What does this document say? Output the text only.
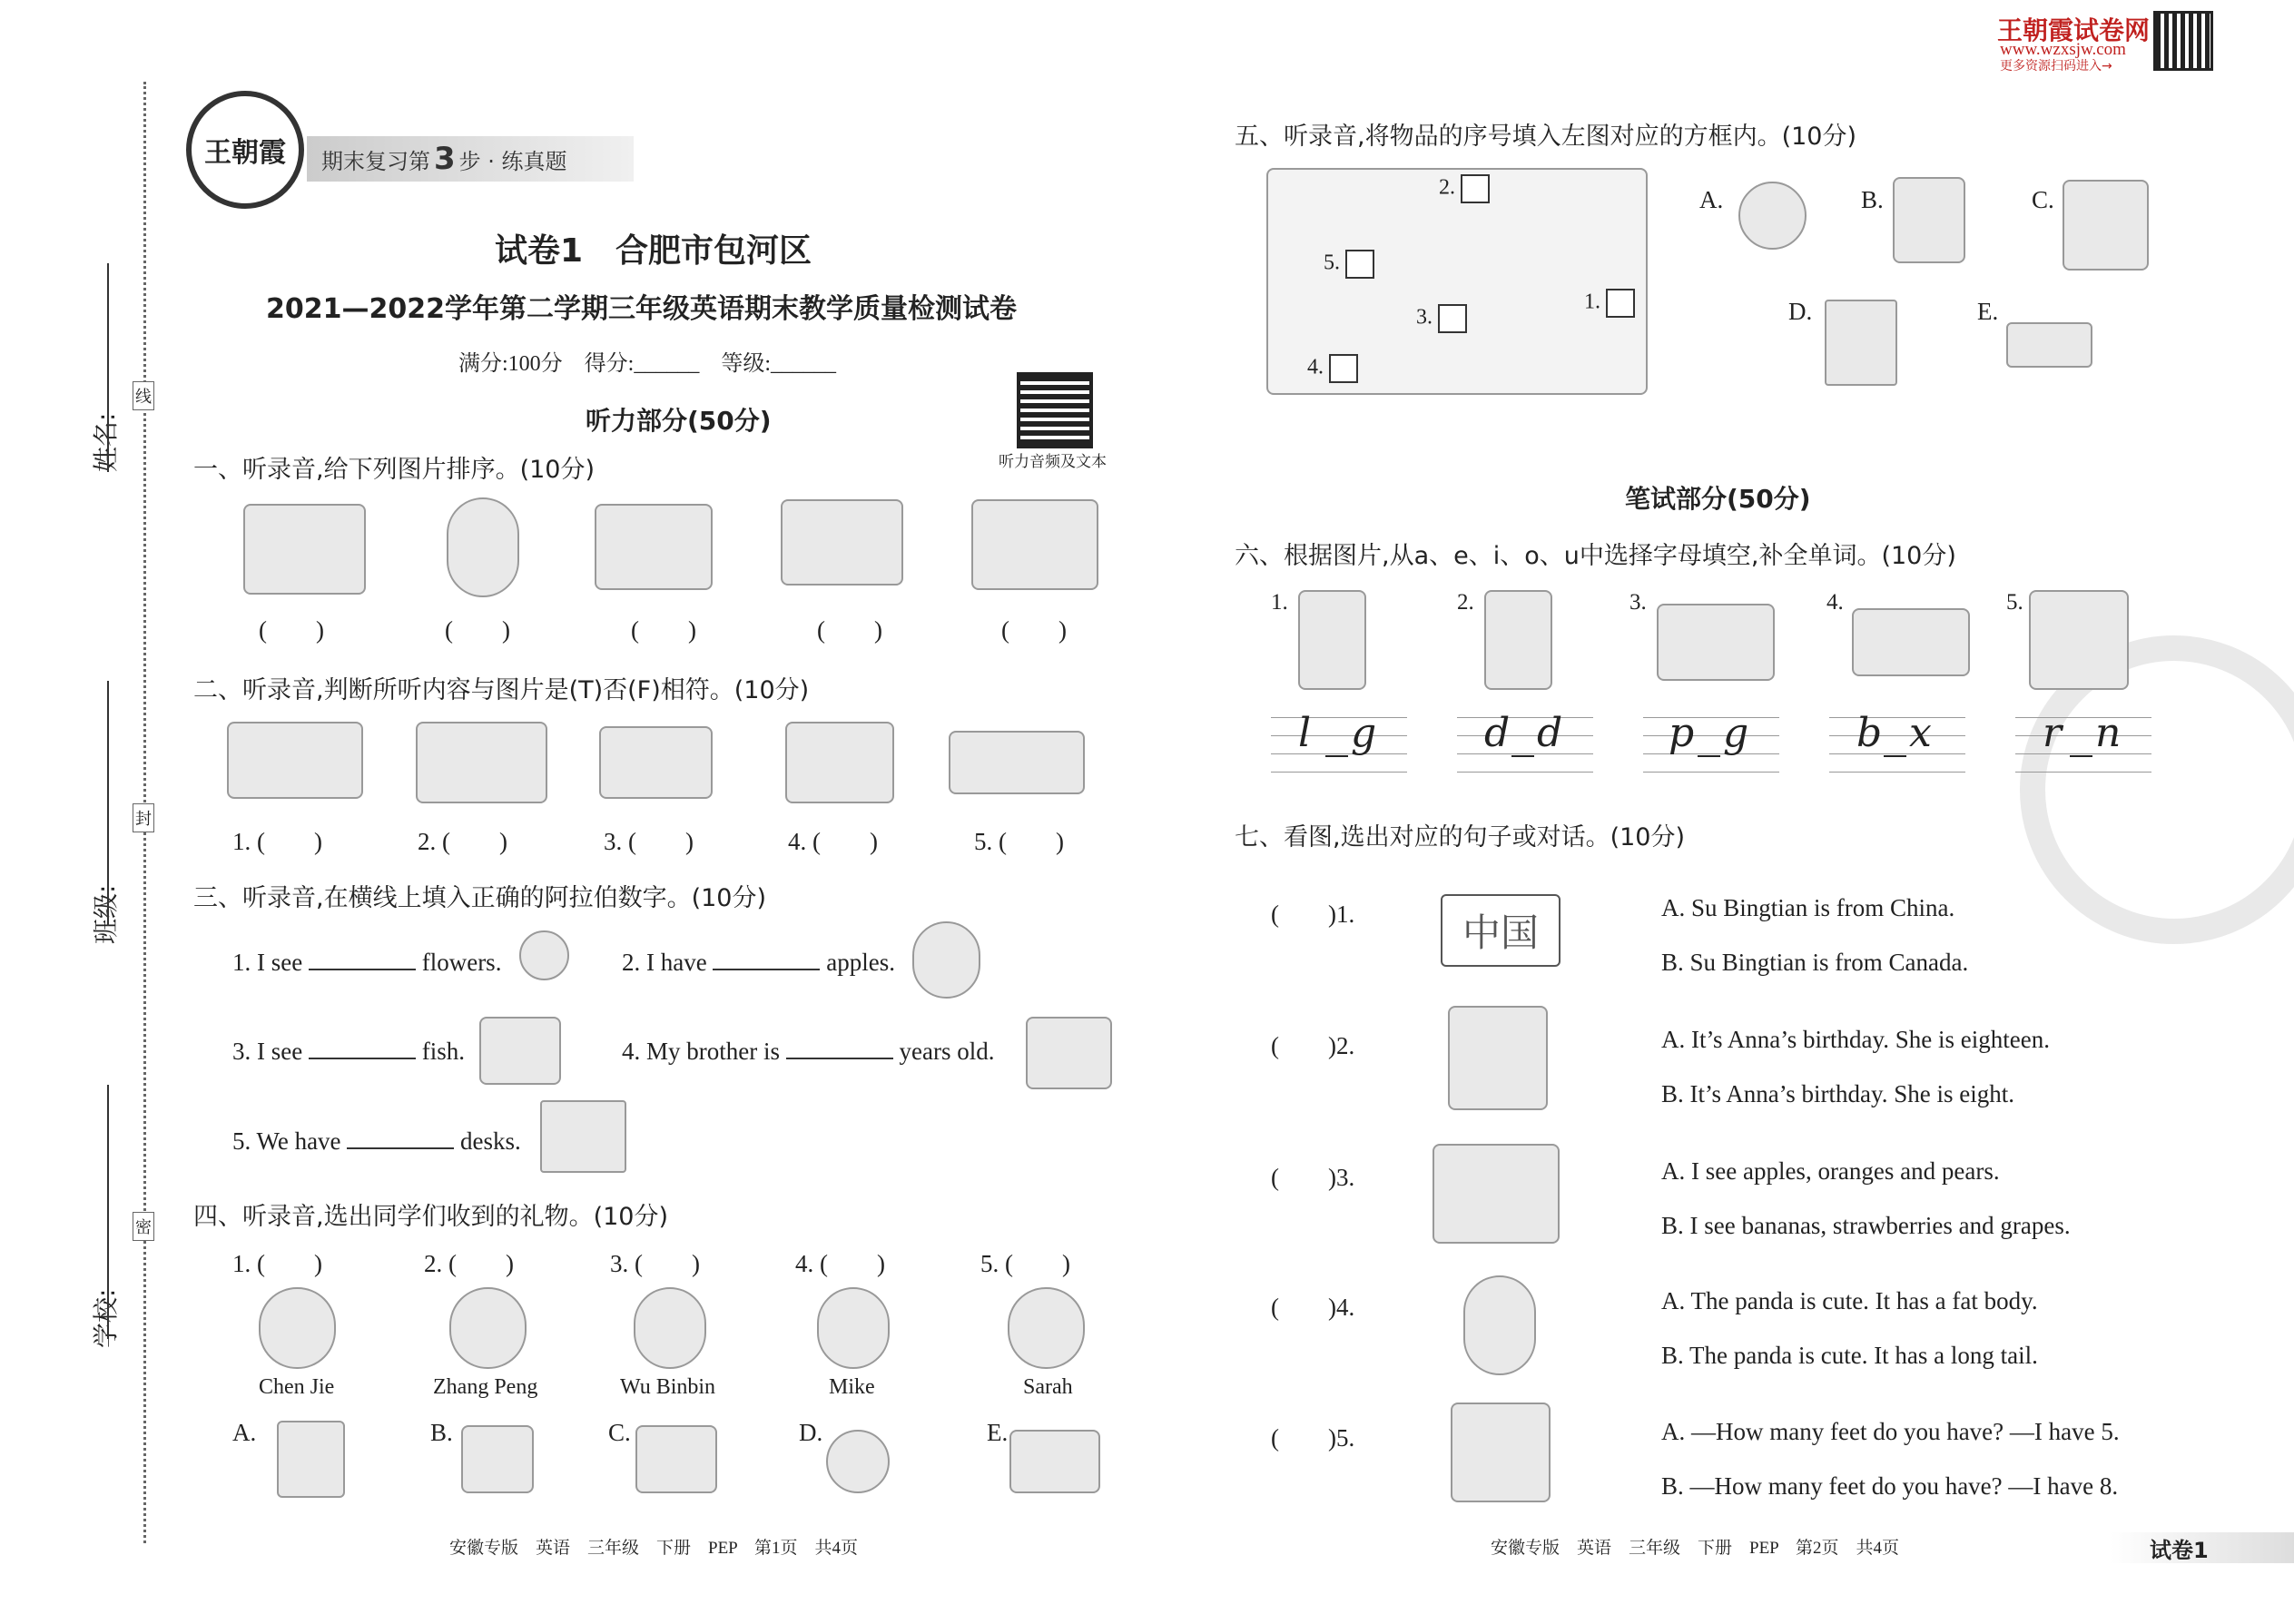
姓名:
班级:
学校:
线
封
密
王朝霞 期末复习第 3 步 · 练真题
试卷1　合肥市包河区
2021—2022学年第二学期三年级英语期末教学质量检测试卷
满分:100分　得分:______　等级:______
听力音频及文本
听力部分(50分)
一、听录音,给下列图片排序。(10分)
(　　)	(　　)	(　　)	(　　)	(　　)
二、听录音,判断所听内容与图片是(T)否(F)相符。(10分)
1. (　　)	2. (　　)	3. (　　)	4. (　　)	5. (　　)
三、听录音,在横线上填入正确的阿拉伯数字。(10分)
1. I see	flowers.	2. I have	apples.
3. I see	fish.	4. My brother is	years old.
5. We have	desks.
四、听录音,选出同学们收到的礼物。(10分)
1. (　　)	2. (　　)	3. (　　)	4. (　　)	5. (　　)
Chen Jie	Zhang Peng	Wu Binbin	Mike	Sarah
A.	B.	C.	D.	E.
安徽专版　英语　三年级　下册　PEP　第1页　共4页
王朝霞试卷网
www.wzxsjw.com
更多资源扫码进入→
五、听录音,将物品的序号填入左图对应的方框内。(10分)
2.
5.
3.
1.
4.
A.	B.	C.
D.	E.
笔试部分(50分)
六、根据图片,从a、e、i、o、u中选择字母填空,补全单词。(10分)
1.	2.	3.	4.	5.
l g	d d	p g	b x	r n
七、看图,选出对应的句子或对话。(10分)
(　　)1.	中国
A. Su Bingtian is from China.
B. Su Bingtian is from Canada.
(　　)2.	A. It’s Anna’s birthday. She is eighteen.
B. It’s Anna’s birthday. She is eight.
(　　)3.	A. I see apples, oranges and pears.
B. I see bananas, strawberries and grapes.
(　　)4.	A. The panda is cute. It has a fat body.
B. The panda is cute. It has a long tail.
(　　)5.	A. —How many feet do you have? —I have 5.
B. —How many feet do you have? —I have 8.
安徽专版　英语　三年级　下册　PEP　第2页　共4页	试卷1
